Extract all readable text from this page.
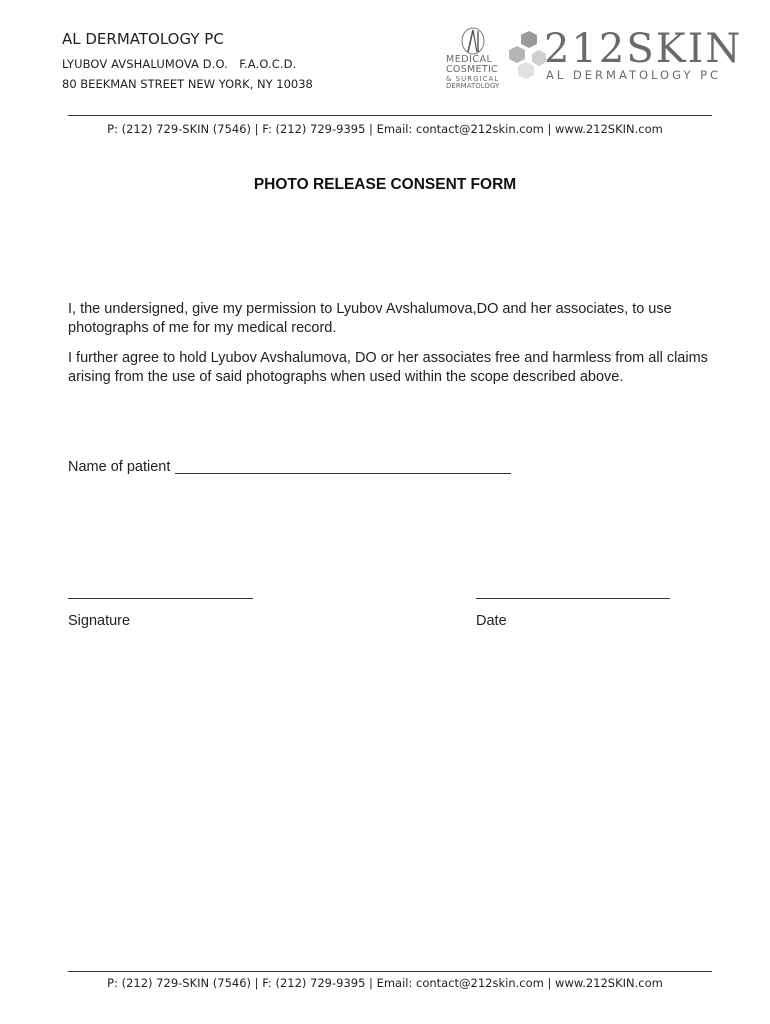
AL DERMATOLOGY PC
LYUBOV AVSHALUMOVA D.O.   F.A.O.C.D.
80 BEEKMAN STREET NEW YORK, NY 10038
MEDICAL
COSMETIC
& SURGICAL
DERMATOLOGY
212SKIN
AL DERMATOLOGY PC
P: (212) 729-SKIN (7546) | F: (212) 729-9395 | Email: contact@212skin.com | www.212SKIN.com
PHOTO RELEASE CONSENT FORM
I, the undersigned, give my permission to Lyubov Avshalumova,DO and her associates, to use photographs of me for my medical record.
I further agree to hold Lyubov Avshalumova, DO or her associates free and harmless from all claims arising from the use of said photographs when used within the scope described above.
Name of patient
Signature	Date
P: (212) 729-SKIN (7546) | F: (212) 729-9395 | Email: contact@212skin.com | www.212SKIN.com
